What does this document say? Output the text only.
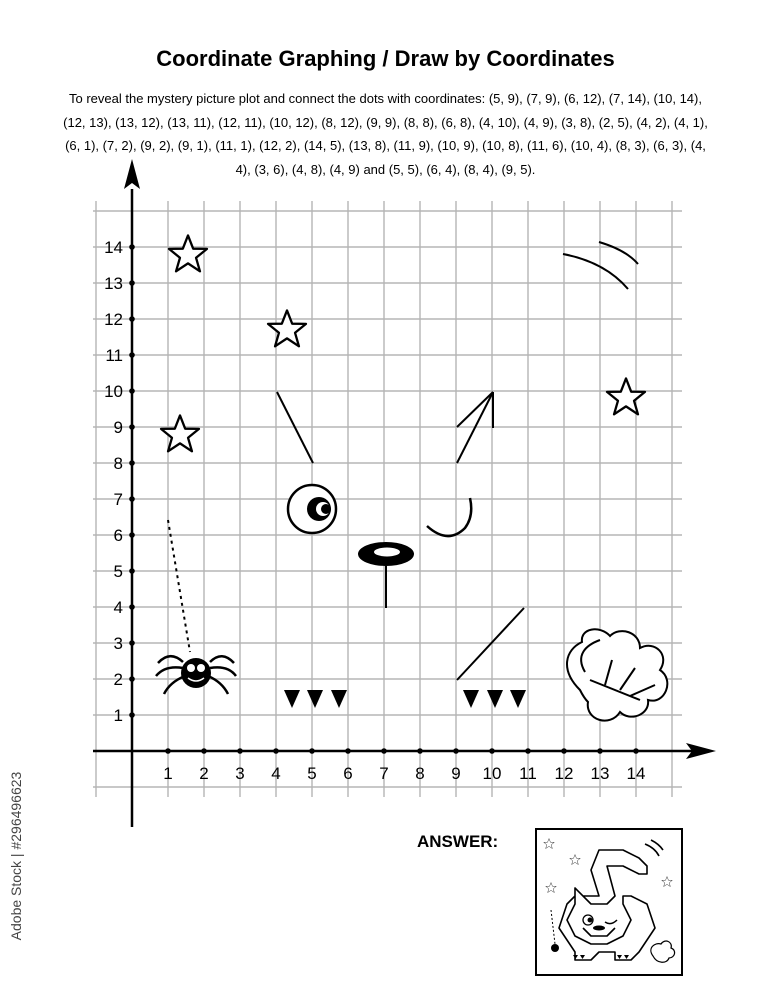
Coordinate Graphing / Draw by Coordinates
To reveal the mystery picture plot and connect the dots with coordinates: (5, 9), (7, 9), (6, 12), (7, 14), (10, 14), (12, 13), (13, 12), (13, 11), (12, 11), (10, 12), (8, 12), (9, 9), (8, 8), (6, 8), (4, 10), (4, 9), (3, 8), (2, 5), (4, 2), (4, 1), (6, 1), (7, 2), (9, 2), (9, 1), (11, 1), (12, 2), (14, 5), (13, 8), (11, 9), (10, 9), (10, 8), (11, 6), (10, 4), (8, 3), (6, 3), (4, 4), (3, 6), (4, 8), (4, 9) and (5, 5), (6, 4), (8, 4), (9, 5).
1 2 3 4 5 6 7 8 9 10 11 12 13 14
1
2
3
4
5
6
7
8
9
10
11
12
13
14
ANSWER:
Adobe Stock | #296496623
